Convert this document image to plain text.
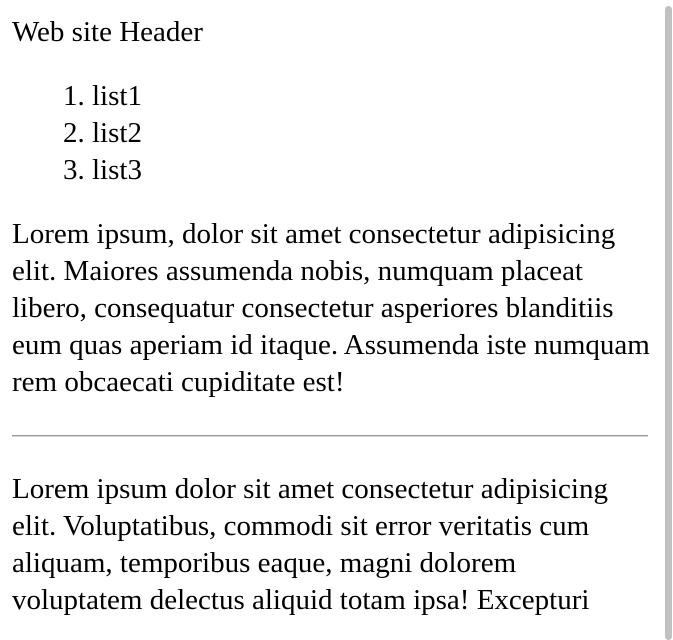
Web site Header
1. list1
2. list2
3. list3

Lorem ipsum, dolor sit amet consectetur adipisicing elit. Maiores assumenda nobis, numquam placeat libero, consequatur consectetur asperiores blanditiis eum quas aperiam id itaque. Assumenda iste numquam rem obcaecati cupiditate est!

Lorem ipsum dolor sit amet consectetur adipisicing elit. Voluptatibus, commodi sit error veritatis cum aliquam, temporibus eaque, magni dolorem voluptatem delectus aliquid totam ipsa! Excepturi
